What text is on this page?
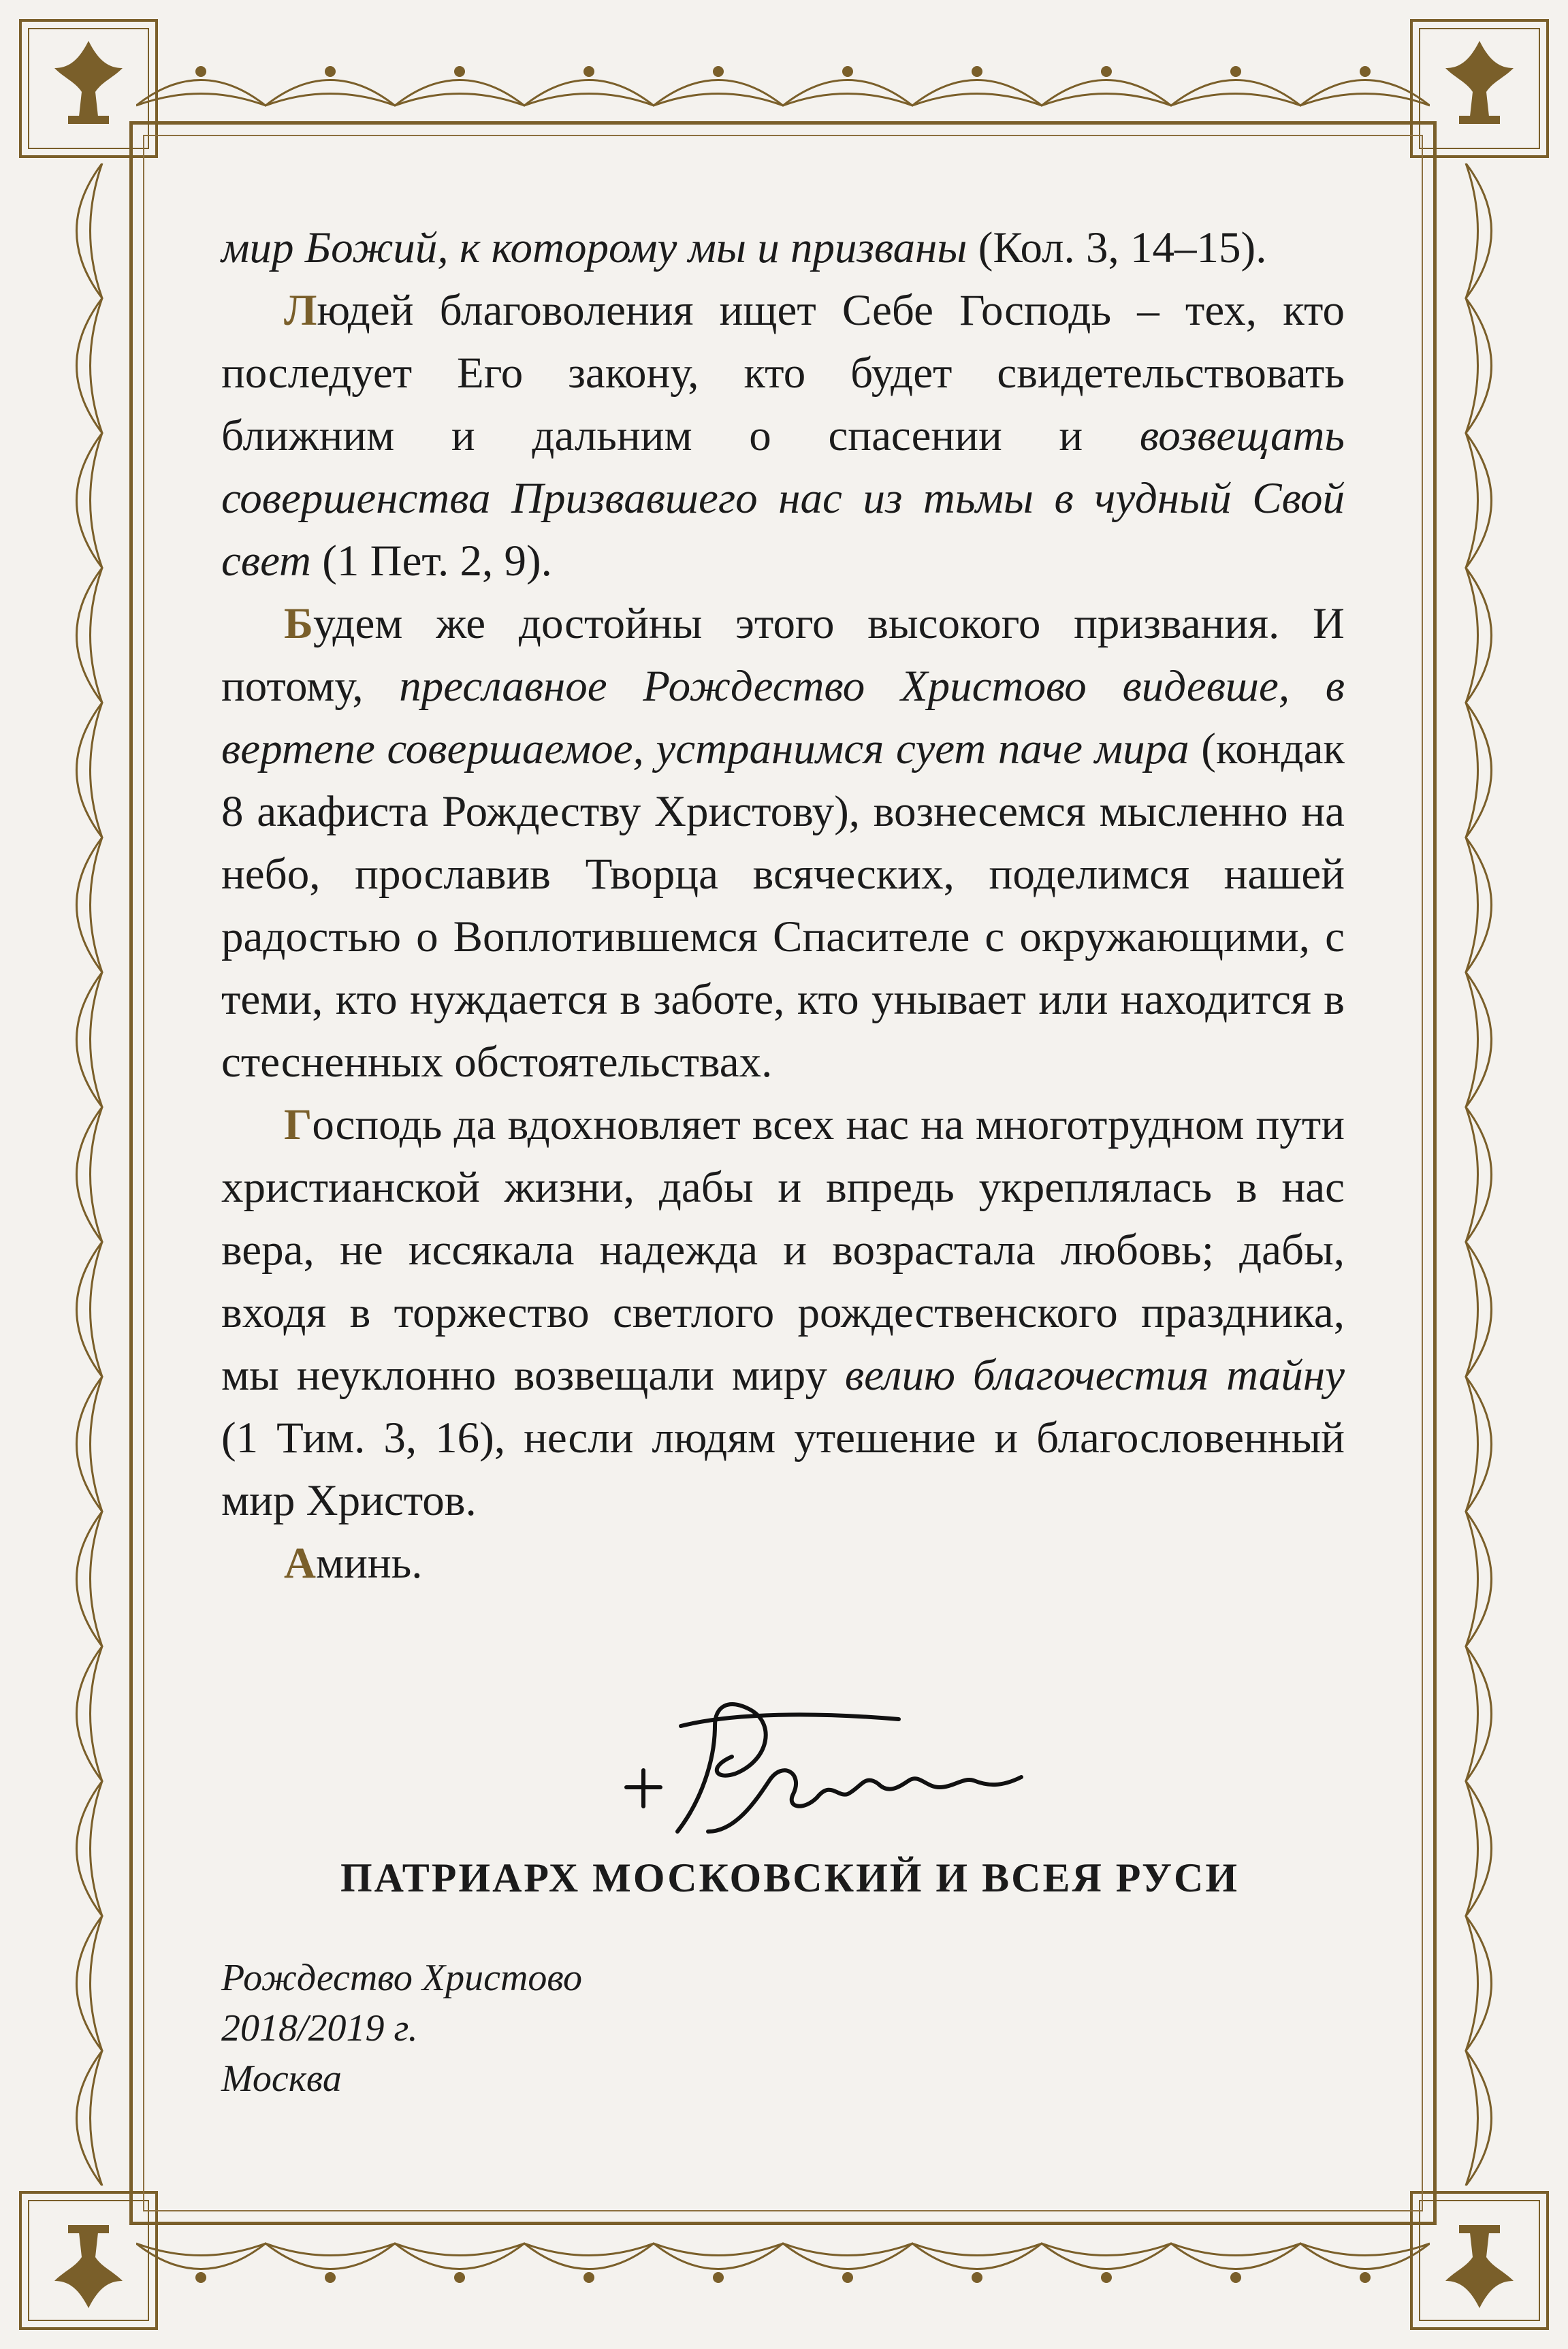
мир Божий, к которому мы и призваны (Кол. 3, 14–15).

Людей благоволения ищет Себе Господь – тех, кто последует Его закону, кто будет свидетельствовать ближним и дальним о спасении и возвещать совершенства Призвавшего нас из тьмы в чудный Свой свет (1 Пет. 2, 9).

Будем же достойны этого высокого призвания. И потому, преславное Рождество Христово видевше, в вертепе совершаемое, устранимся сует паче мира (кондак 8 акафиста Рождеству Христову), вознесемся мысленно на небо, прославив Творца всяческих, поделимся нашей радостью о Воплотившемся Спасителе с окружающими, с теми, кто нуждается в заботе, кто унывает или находится в стесненных обстоятельствах.

Господь да вдохновляет всех нас на многотрудном пути христианской жизни, дабы и впредь укреплялась в нас вера, не иссякала надежда и возрастала любовь; дабы, входя в торжество светлого рождественского праздника, мы неуклонно возвещали миру велию благочестия тайну (1 Тим. 3, 16), несли людям утешение и благословенный мир Христов.

Аминь.

ПАТРИАРХ МОСКОВСКИЙ И ВСЕЯ РУСИ
Рождество Христово
2018/2019 г.
Москва
